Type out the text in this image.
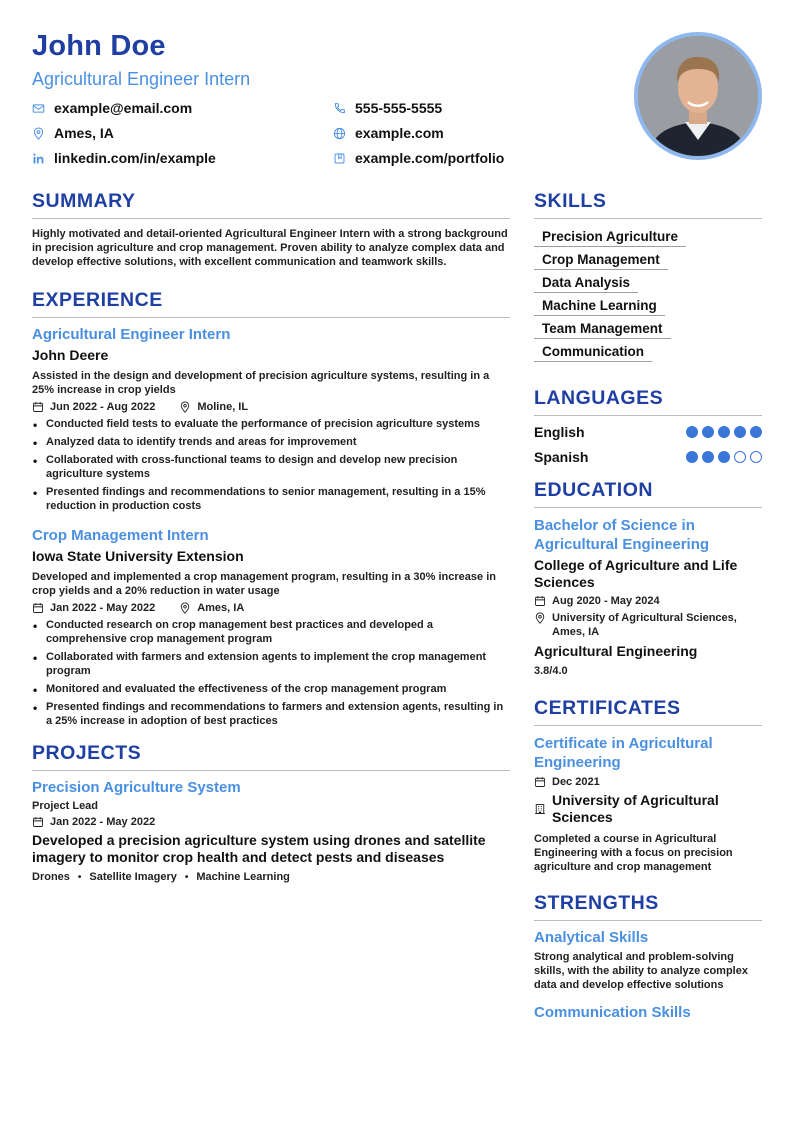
John Doe
Agricultural Engineer Intern
example@email.com	555-555-5555
Ames, IA	example.com
linkedin.com/in/example	example.com/portfolio
SUMMARY
Highly motivated and detail-oriented Agricultural Engineer Intern with a strong background in precision agriculture and crop management. Proven ability to analyze complex data and develop effective solutions, with excellent communication and teamwork skills.
EXPERIENCE
Agricultural Engineer Intern
John Deere
Assisted in the design and development of precision agriculture systems, resulting in a 25% increase in crop yields
Jun 2022 - Aug 2022	Moline, IL
• Conducted field tests to evaluate the performance of precision agriculture systems
• Analyzed data to identify trends and areas for improvement
• Collaborated with cross-functional teams to design and develop new precision agriculture systems
• Presented findings and recommendations to senior management, resulting in a 15% reduction in production costs
Crop Management Intern
Iowa State University Extension
Developed and implemented a crop management program, resulting in a 30% increase in crop yields and a 20% reduction in water usage
Jan 2022 - May 2022	Ames, IA
• Conducted research on crop management best practices and developed a comprehensive crop management program
• Collaborated with farmers and extension agents to implement the crop management program
• Monitored and evaluated the effectiveness of the crop management program
• Presented findings and recommendations to farmers and extension agents, resulting in a 25% increase in adoption of best practices
PROJECTS
Precision Agriculture System
Project Lead
Jan 2022 - May 2022
Developed a precision agriculture system using drones and satellite imagery to monitor crop health and detect pests and diseases
Drones • Satellite Imagery • Machine Learning
SKILLS
Precision Agriculture
Crop Management
Data Analysis
Machine Learning
Team Management
Communication
LANGUAGES
English
Spanish
EDUCATION
Bachelor of Science in Agricultural Engineering
College of Agriculture and Life Sciences
Aug 2020 - May 2024
University of Agricultural Sciences, Ames, IA
Agricultural Engineering
3.8/4.0
CERTIFICATES
Certificate in Agricultural Engineering
Dec 2021
University of Agricultural Sciences
Completed a course in Agricultural Engineering with a focus on precision agriculture and crop management
STRENGTHS
Analytical Skills
Strong analytical and problem-solving skills, with the ability to analyze complex data and develop effective solutions
Communication Skills
